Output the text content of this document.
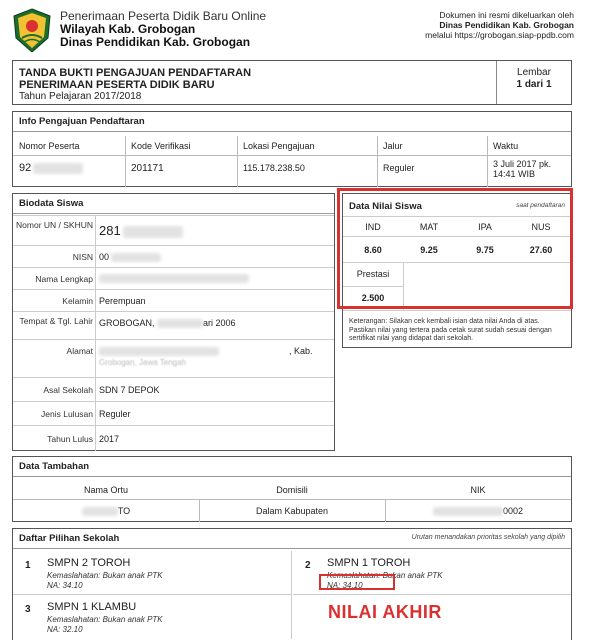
Penerimaan Peserta Didik Baru Online
Wilayah Kab. Grobogan
Dinas Pendidikan Kab. Grobogan
Dokumen ini resmi dikeluarkan oleh
Dinas Pendidikan Kab. Grobogan
melalui https://grobogan.siap-ppdb.com
TANDA BUKTI PENGAJUAN PENDAFTARAN
PENERIMAAN PESERTA DIDIK BARU
Tahun Pelajaran 2017/2018
Lembar
1 dari 1
Info Pengajuan Pendaftaran
Nomor Peserta	Kode Verifikasi	Lokasi Pengajuan	Jalur	Waktu
92	201171	115.178.238.50	Reguler	3 Juli 2017 pk.
14:41 WIB
Biodata Siswa
Nomor UN / SKHUN 281
NISN 00
Nama Lengkap
Kelamin Perempuan
Tempat & Tgl. Lahir GROBOGAN,	ari 2006
Alamat	, Kab.
Grobogan, Jawa Tengah
Asal Sekolah SDN 7 DEPOK
Jenis Lulusan Reguler
Tahun Lulus 2017
Data Nilai Siswa	saat pendaftaran
IND	MAT	IPA	NUS
8.60	9.25	9.75	27.60
Prestasi
2.500
Keterangan: Silakan cek kembali isian data nilai Anda di atas. Pastikan nilai yang tertera pada cetak surat sudah sesuai dengan sertifikat nilai yang didapat dari sekolah.
Data Tambahan
Nama Ortu	Domisili	NIK
TO	Dalam Kabupaten	0002
Daftar Pilihan Sekolah	Urutan menandakan prioritas sekolah yang dipilih
1 SMPN 2 TOROH
Kemaslahatan: Bukan anak PTK
NA: 34.10
2 SMPN 1 TOROH
Kemaslahatan: Bukan anak PTK
NA: 34.10
3 SMPN 1 KLAMBU
Kemaslahatan: Bukan anak PTK
NA: 32.10
NILAI AKHIR
